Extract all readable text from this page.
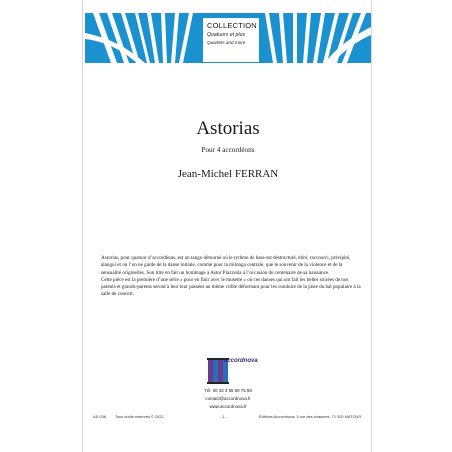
COLLECTION
Quatuors et plus
Quartets and more
Astorias
Pour 4 accordéons
Jean-Michel FERRAN

Astorias, pour quatuor d’accordéons, est un tango détourné où le rythme de base est déstructuré, étiré, raccourci, précipité, alangui et où l’on ne garde de la danse initiale, comme pour la milonga centrale, que le souvenir de la violence et de la sensualité originelles. Son titre en fait un hommage à Astor Piazzolla à l’occasion du centenaire de sa naissance.

Cette pièce est la première d’une série « pour en finir avec le musette » où ces danses qui ont fait les belles soirées de nos parents et grands-parents seront à leur tour passées au même crible déformant pour les conduire de la piste du bal populaire à la salle de concert.

accordnova
Tél. 00 33 3 85 59 75 58
contact@accordnova.fr
www.accordnova.fr
AE-036 Tous droits réservés © 2022	- 1 -	Éditions Accordnova, 3 rue des chaumes, 71 520 MATOUR
